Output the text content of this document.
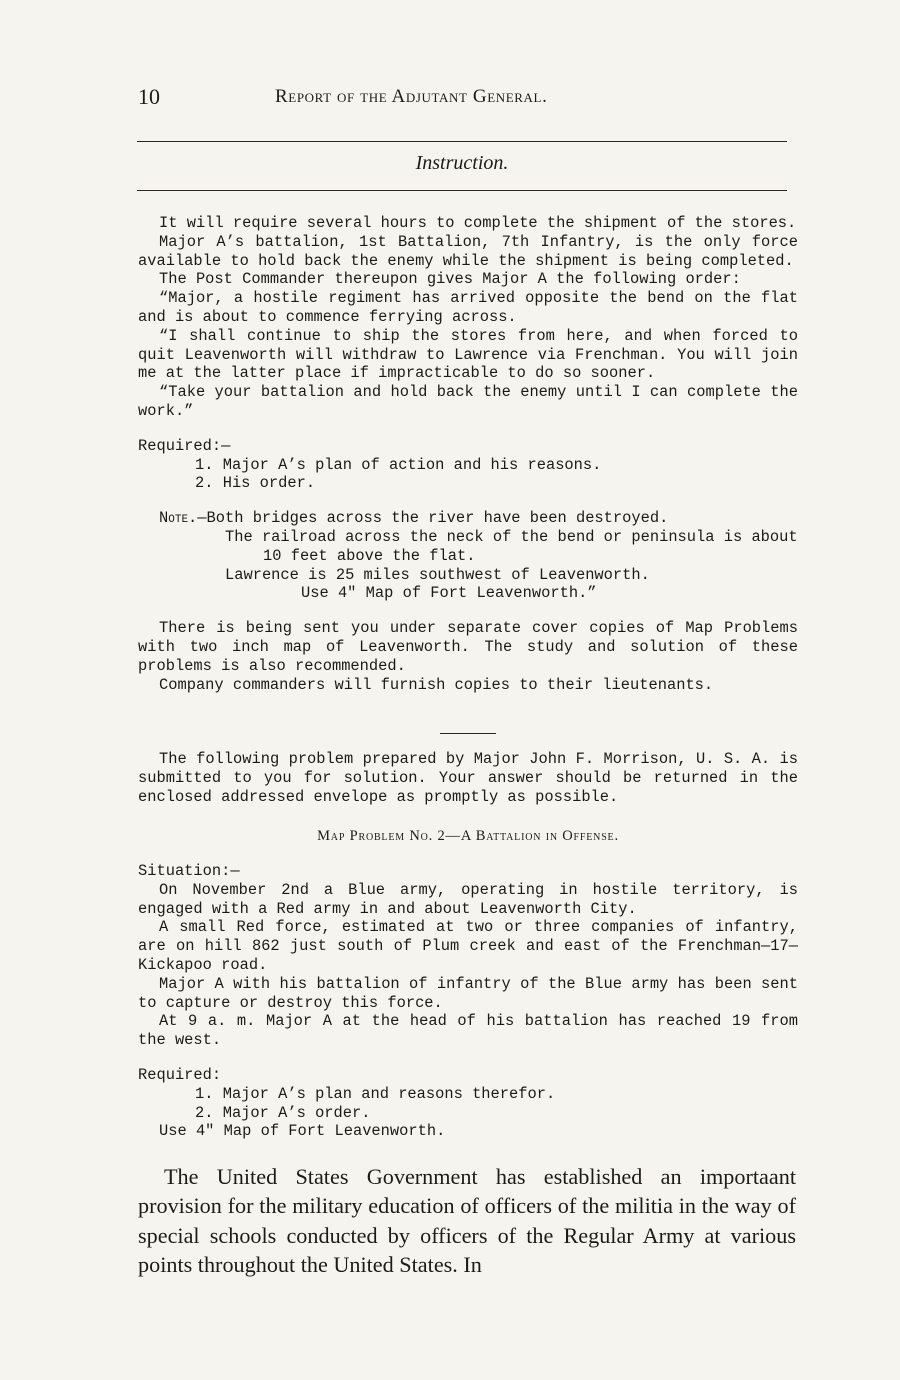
10	Report of the Adjutant General.
Instruction.

It will require several hours to complete the shipment of the stores.

Major A’s battalion, 1st Battalion, 7th Infantry, is the only force available to hold back the enemy while the shipment is being completed.

The Post Commander thereupon gives Major A the following order:

“Major, a hostile regiment has arrived opposite the bend on the flat and is about to commence ferrying across.

“I shall continue to ship the stores from here, and when forced to quit Leavenworth will withdraw to Lawrence via Frenchman. You will join me at the latter place if impracticable to do so sooner.

“Take your battalion and hold back the enemy until I can complete the work.”

Required:—

1. Major A’s plan of action and his reasons.

2. His order.

Note.—Both bridges across the river have been destroyed.

The railroad across the neck of the bend or peninsula is about

10 feet above the flat.

Lawrence is 25 miles southwest of Leavenworth.

Use 4″ Map of Fort Leavenworth.”

There is being sent you under separate cover copies of Map Problems with two inch map of Leavenworth. The study and solution of these problems is also recommended.

Company commanders will furnish copies to their lieutenants.

The following problem prepared by Major John F. Morrison, U. S. A. is submitted to you for solution. Your answer should be returned in the enclosed addressed envelope as promptly as possible.

Map Problem No. 2—A Battalion in Offense.

Situation:—

On November 2nd a Blue army, operating in hostile territory, is engaged with a Red army in and about Leavenworth City.

A small Red force, estimated at two or three companies of infantry, are on hill 862 just south of Plum creek and east of the Frenchman—17—Kickapoo road.

Major A with his battalion of infantry of the Blue army has been sent to capture or destroy this force.

At 9 a. m. Major A at the head of his battalion has reached 19 from the west.

Required:

1. Major A’s plan and reasons therefor.

2. Major A’s order.

Use 4″ Map of Fort Leavenworth.

The United States Government has established an importaant provision for the military education of officers of the militia in the way of special schools conducted by officers of the Regular Army at various points throughout the United States. In
